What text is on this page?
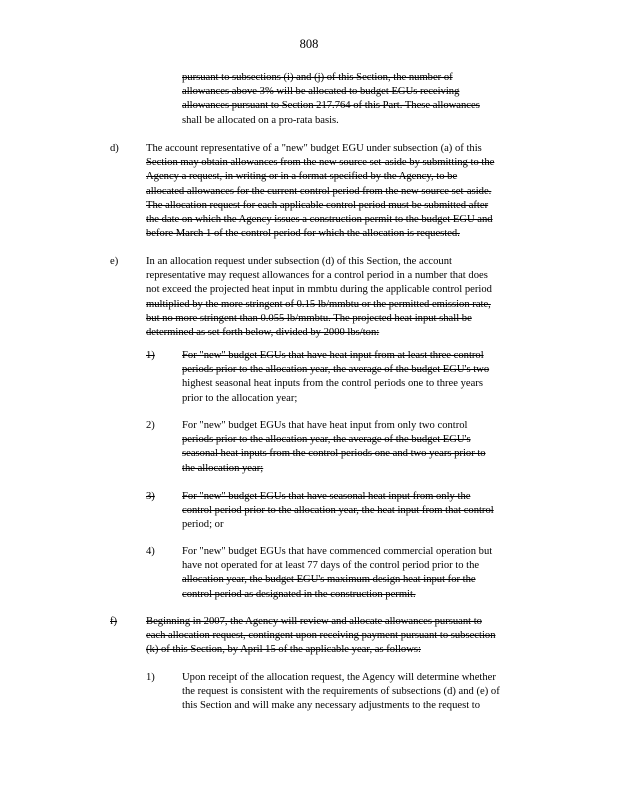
808
pursuant to subsections (i) and (j) of this Section, the number of
allowances above 3% will be allocated to budget EGUs receiving
allowances pursuant to Section 217.764 of this Part. These allowances
shall be allocated on a pro-rata basis.
d)	The account representative of a "new" budget EGU under subsection (a) of this
Section may obtain allowances from the new source set-aside by submitting to the
Agency a request, in writing or in a format specified by the Agency, to be
allocated allowances for the current control period from the new source set-aside.
The allocation request for each applicable control period must be submitted after
the date on which the Agency issues a construction permit to the budget EGU and
before March 1 of the control period for which the allocation is requested.
e)	In an allocation request under subsection (d) of this Section, the account
representative may request allowances for a control period in a number that does
not exceed the projected heat input in mmbtu during the applicable control period
multiplied by the more stringent of 0.15 lb/mmbtu or the permitted emission rate,
but no more stringent than 0.055 lb/mmbtu. The projected heat input shall be
determined as set forth below, divided by 2000 lbs/ton:
1)	For "new" budget EGUs that have heat input from at least three control
periods prior to the allocation year, the average of the budget EGU's two
highest seasonal heat inputs from the control periods one to three years
prior to the allocation year;
2)	For "new" budget EGUs that have heat input from only two control
periods prior to the allocation year, the average of the budget EGU's
seasonal heat inputs from the control periods one and two years prior to
the allocation year;
3)	For "new" budget EGUs that have seasonal heat input from only the
control period prior to the allocation year, the heat input from that control
period; or
4)	For "new" budget EGUs that have commenced commercial operation but
have not operated for at least 77 days of the control period prior to the
allocation year, the budget EGU's maximum design heat input for the
control period as designated in the construction permit.
f)	Beginning in 2007, the Agency will review and allocate allowances pursuant to
each allocation request, contingent upon receiving payment pursuant to subsection
(k) of this Section, by April 15 of the applicable year, as follows:
1)	Upon receipt of the allocation request, the Agency will determine whether
the request is consistent with the requirements of subsections (d) and (e) of
this Section and will make any necessary adjustments to the request to
